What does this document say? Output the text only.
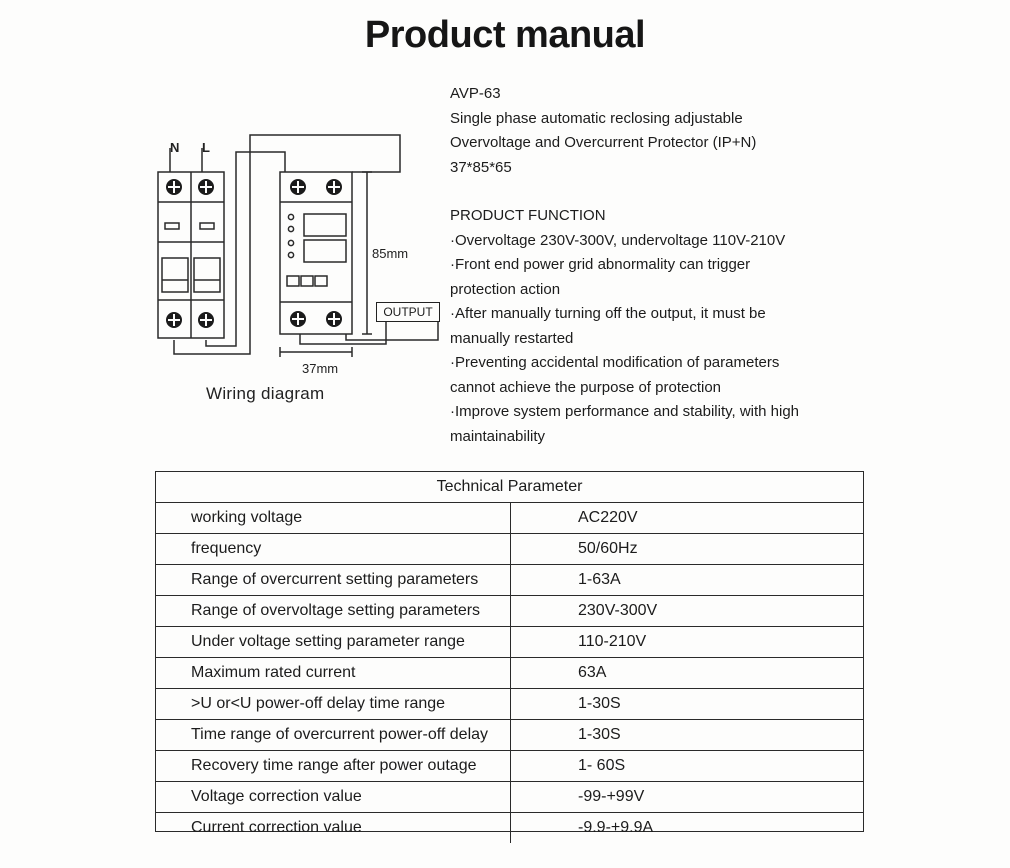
Product manual
N L
85mm
37mm
OUTPUT
Wiring diagram
AVP-63
Single phase automatic reclosing adjustable
Overvoltage and Overcurrent Protector (IP+N)
37*85*65
PRODUCT FUNCTION
·Overvoltage 230V-300V, undervoltage 110V-210V
·Front end power grid abnormality can trigger
protection action
·After manually turning off the output, it must be
manually restarted
·Preventing accidental modification of parameters
cannot achieve the purpose of protection
·Improve system performance and stability, with high
maintainability
Technical Parameter
working voltage	AC220V
frequency	50/60Hz
Range of overcurrent setting parameters	1-63A
Range of overvoltage setting parameters	230V-300V
Under voltage setting parameter range	110-210V
Maximum rated current	63A
>U or<U power-off delay time range	1-30S
Time range of overcurrent power-off delay	1-30S
Recovery time range after power outage	1- 60S
Voltage correction value	-99-+99V
Current correction value	-9.9-+9.9A
